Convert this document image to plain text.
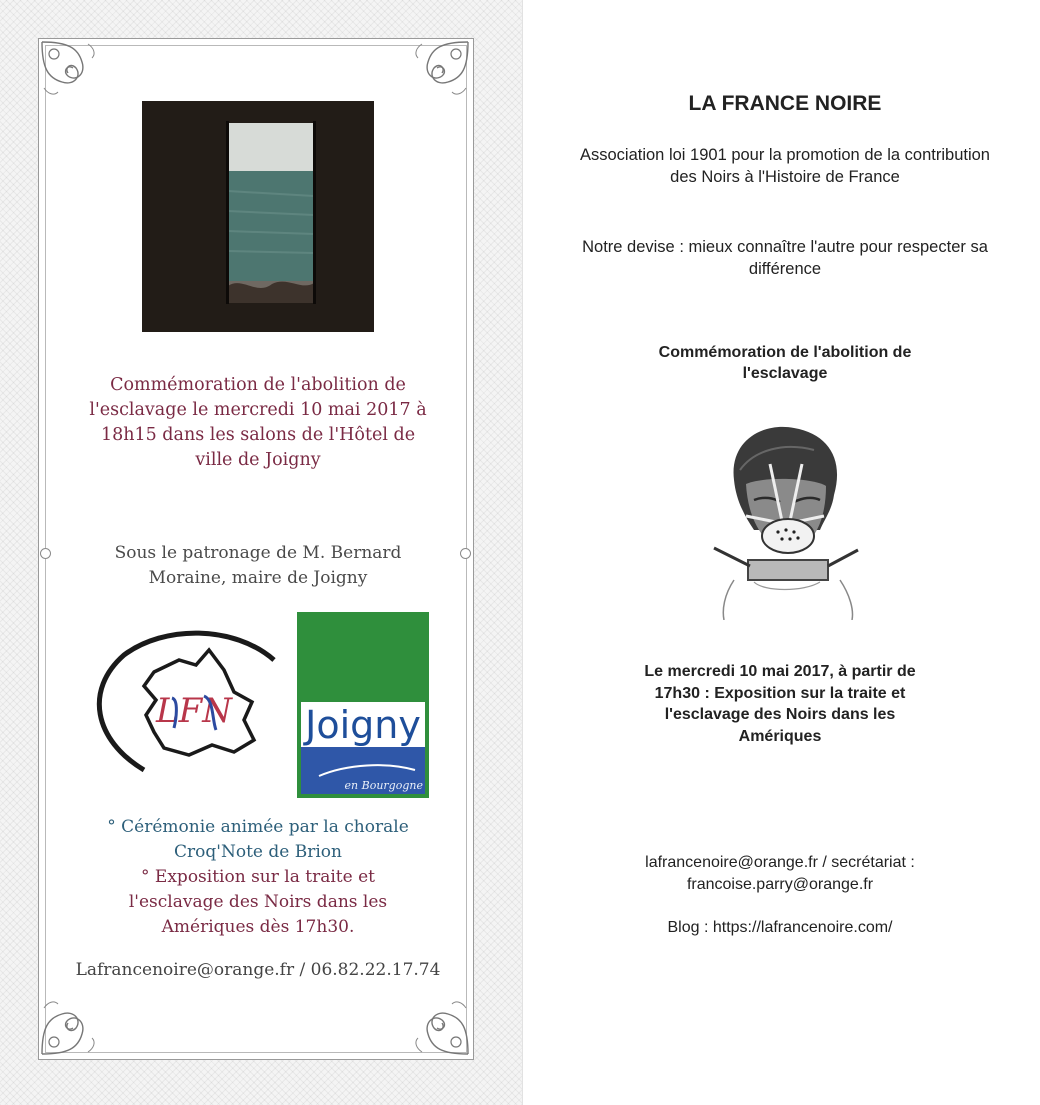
Commémoration de l'abolition de
l'esclavage le mercredi 10 mai 2017 à
18h15 dans les salons de l'Hôtel de
ville de Joigny
Sous le patronage de M. Bernard
Moraine, maire de Joigny
LFN Joigny
en Bourgogne
° Cérémonie animée par la chorale
Croq'Note de Brion
° Exposition sur la traite et
l'esclavage des Noirs dans les
Amériques dès 17h30.
Lafrancenoire@orange.fr / 06.82.22.17.74
LA FRANCE NOIRE
Association loi 1901 pour la promotion de la contribution
des Noirs à l'Histoire de France
Notre devise : mieux connaître l'autre pour respecter sa
différence
Commémoration de l'abolition de
l'esclavage
Le mercredi 10 mai 2017, à partir de
17h30 : Exposition sur la traite et
l'esclavage des Noirs dans les
Amériques
lafrancenoire@orange.fr / secrétariat :
francoise.parry@orange.fr
Blog : https://lafrancenoire.com/
